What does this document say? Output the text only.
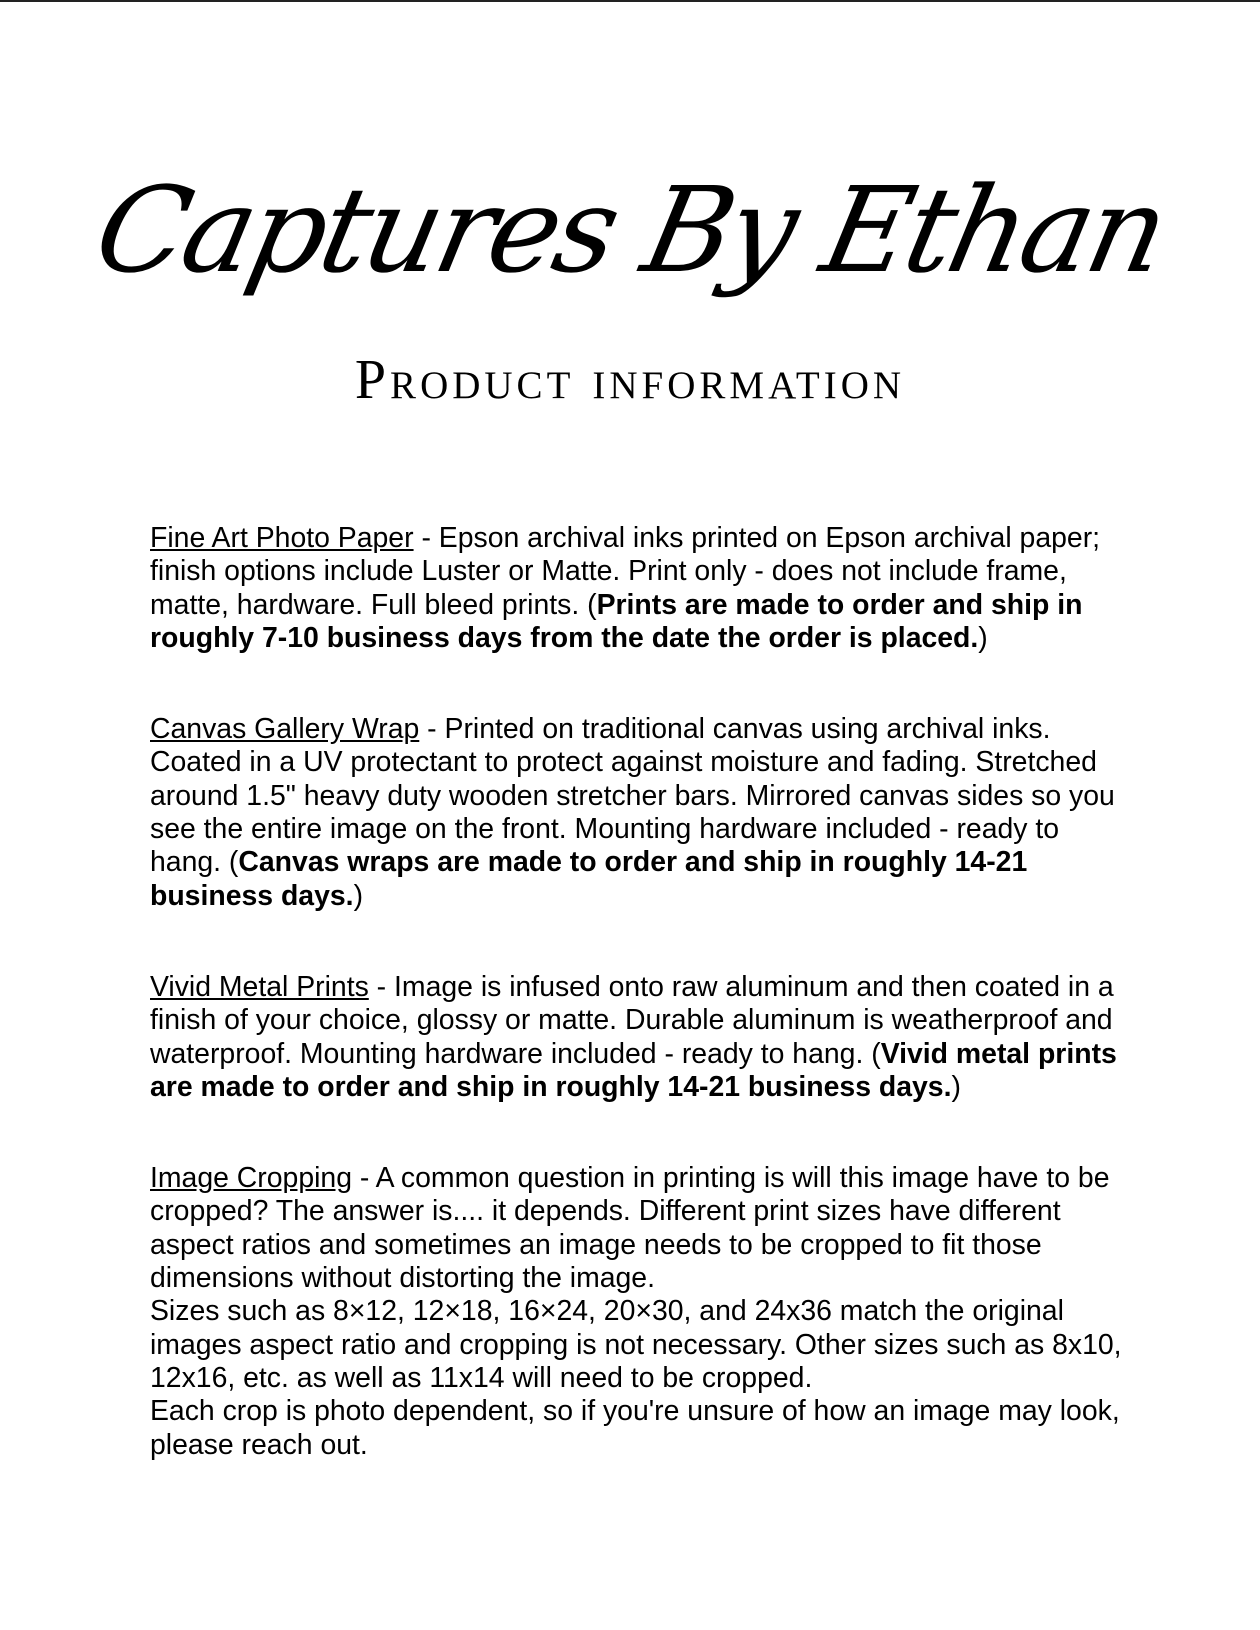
Captures By Ethan
Product information

Fine Art Photo Paper - Epson archival inks printed on Epson archival paper; finish options include Luster or Matte. Print only - does not include frame, matte, hardware. Full bleed prints. (Prints are made to order and ship in roughly 7-10 business days from the date the order is placed.)

Canvas Gallery Wrap - Printed on traditional canvas using archival inks. Coated in a UV protectant to protect against moisture and fading. Stretched around 1.5" heavy duty wooden stretcher bars. Mirrored canvas sides so you see the entire image on the front. Mounting hardware included - ready to hang. (Canvas wraps are made to order and ship in roughly 14-21 business days.)

Vivid Metal Prints - Image is infused onto raw aluminum and then coated in a finish of your choice, glossy or matte. Durable aluminum is weatherproof and waterproof. Mounting hardware included - ready to hang. (Vivid metal prints are made to order and ship in roughly 14-21 business days.)

Image Cropping - A common question in printing is will this image have to be cropped? The answer is.... it depends. Different print sizes have different aspect ratios and sometimes an image needs to be cropped to fit those dimensions without distorting the image.

Sizes such as 8×12, 12×18, 16×24, 20×30, and 24x36 match the original images aspect ratio and cropping is not necessary. Other sizes such as 8x10, 12x16, etc. as well as 11x14 will need to be cropped.

Each crop is photo dependent, so if you're unsure of how an image may look, please reach out.
